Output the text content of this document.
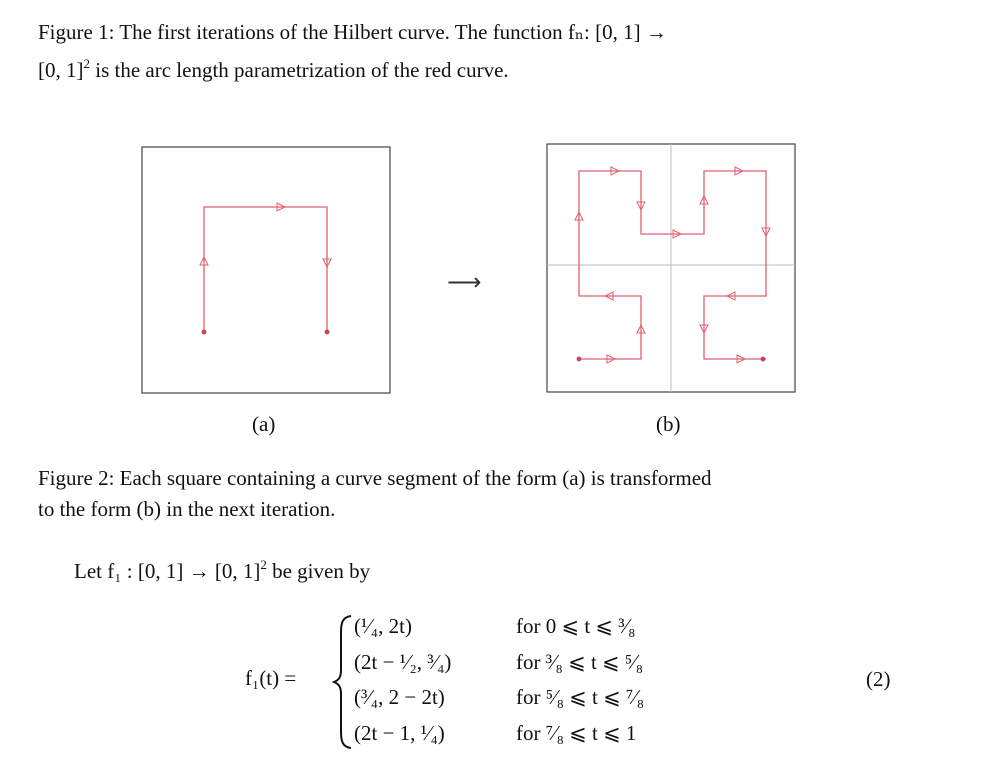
Figure 1: The first iterations of the Hilbert curve. The function fₙ: [0, 1] →
[0, 1]$^2$ is the arc length parametrization of the red curve.
(a)
⟶
(b)
Figure 2: Each square containing a curve segment of the form (a) is transformed
to the form (b) in the next iteration.
Let f₁ : [0, 1] → [0, 1]$^2$ be given by
f₁(t) =
(¹⁄₄, 2t)	for 0 ⩽ t ⩽ ³⁄₈
(2t − ¹⁄₂, ³⁄₄)	for ³⁄₈ ⩽ t ⩽ ⁵⁄₈
(³⁄₄, 2 − 2t)	for ⁵⁄₈ ⩽ t ⩽ ⁷⁄₈
(2t − 1, ¹⁄₄)	for ⁷⁄₈ ⩽ t ⩽ 1
(2)
